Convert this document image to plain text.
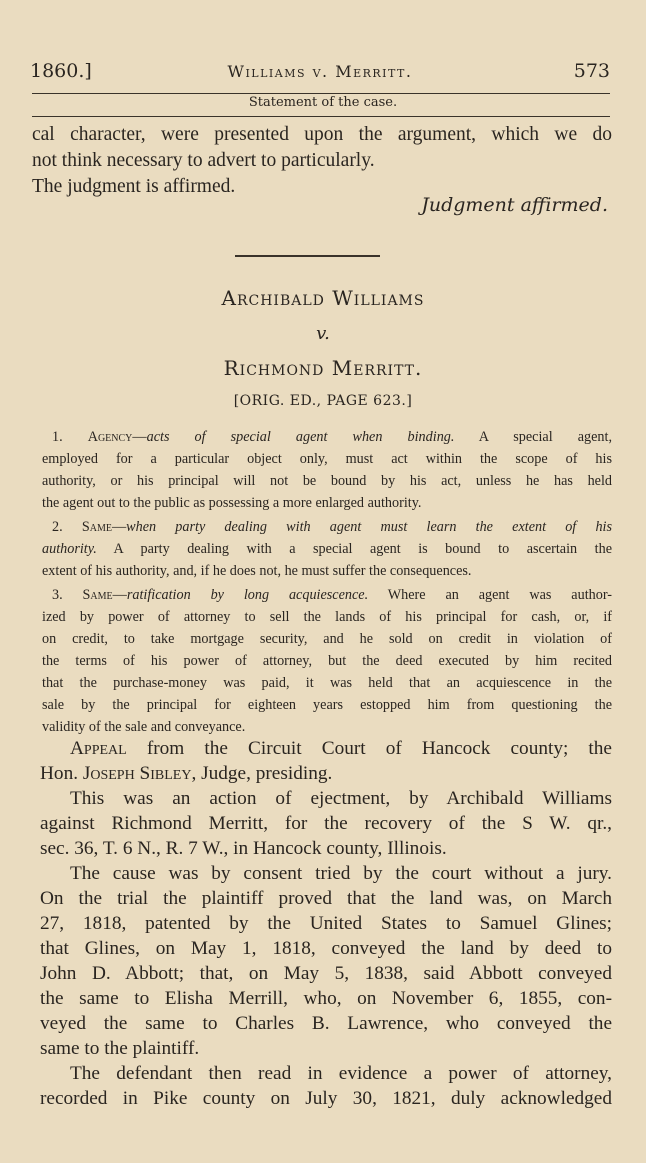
1860.]	Williams v. Merritt.	573
Statement of the case.
cal character, were presented upon the argument, which we do
not think necessary to advert to particularly.
The judgment is affirmed.
Judgment affirmed.
Archibald Williams
v.
Richmond Merritt.
[ORIG. ED., PAGE 623.]

1. Agency—acts of special agent when binding. A special agent,
employed for a particular object only, must act within the scope of his
authority, or his principal will not be bound by his act, unless he has held
the agent out to the public as possessing a more enlarged authority.

2. Same—when party dealing with agent must learn the extent of his
authority. A party dealing with a special agent is bound to ascertain the
extent of his authority, and, if he does not, he must suffer the consequences.

3. Same—ratification by long acquiescence. Where an agent was author-
ized by power of attorney to sell the lands of his principal for cash, or, if
on credit, to take mortgage security, and he sold on credit in violation of
the terms of his power of attorney, but the deed executed by him recited
that the purchase-money was paid, it was held that an acquiescence in the
sale by the principal for eighteen years estopped him from questioning the
validity of the sale and conveyance.

Appeal from the Circuit Court of Hancock county; the
Hon. Joseph Sibley, Judge, presiding.

This was an action of ejectment, by Archibald Williams
against Richmond Merritt, for the recovery of the S W. qr.,
sec. 36, T. 6 N., R. 7 W., in Hancock county, Illinois.

The cause was by consent tried by the court without a jury.
On the trial the plaintiff proved that the land was, on March
27, 1818, patented by the United States to Samuel Glines;
that Glines, on May 1, 1818, conveyed the land by deed to
John D. Abbott; that, on May 5, 1838, said Abbott conveyed
the same to Elisha Merrill, who, on November 6, 1855, con-
veyed the same to Charles B. Lawrence, who conveyed the
same to the plaintiff.

The defendant then read in evidence a power of attorney,
recorded in Pike county on July 30, 1821, duly acknowledged
